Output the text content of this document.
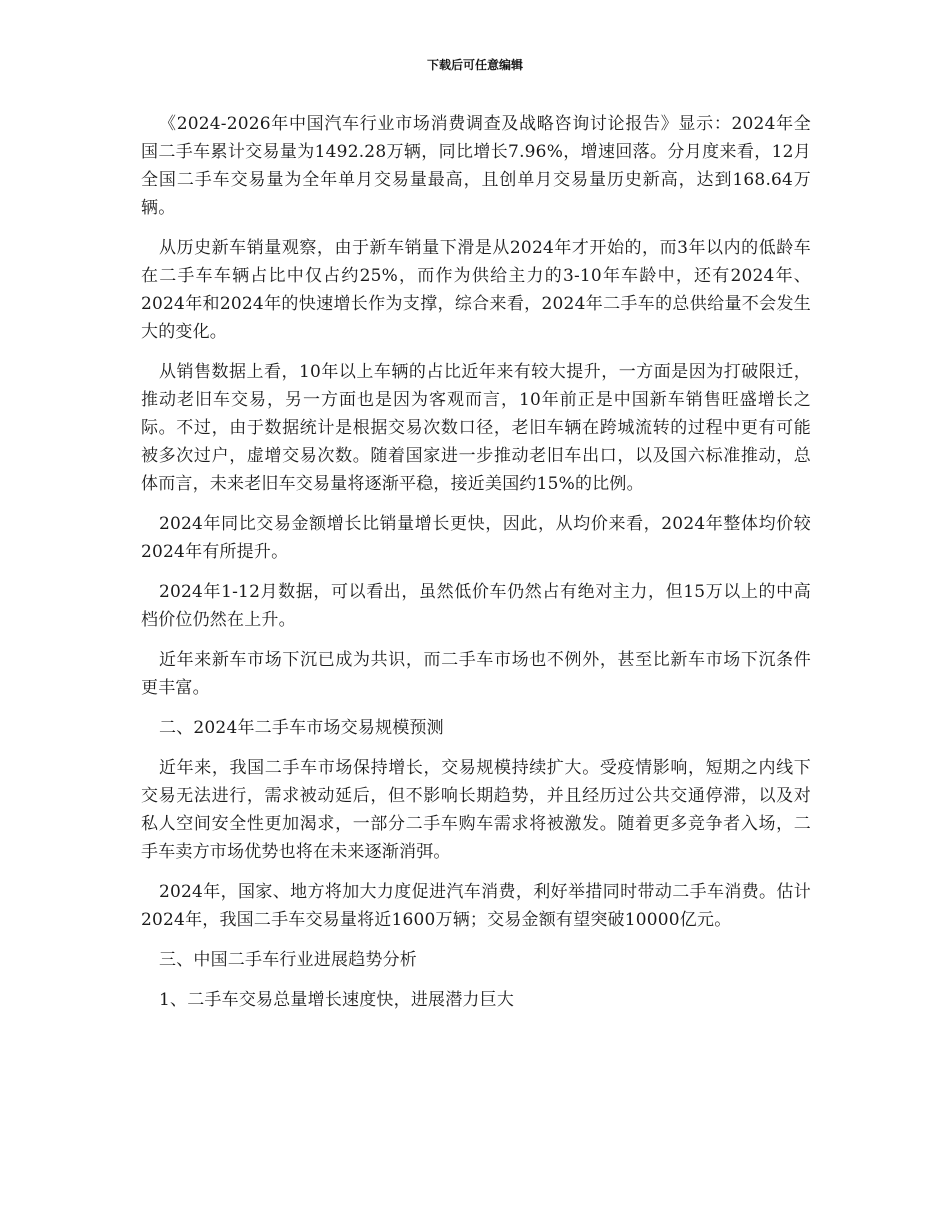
下载后可任意编辑

《2024-2026年中国汽车行业市场消费调查及战略咨询讨论报告》显示：2024年全国二手车累计交易量为1492.28万辆，同比增长7.96%，增速回落。分月度来看，12月全国二手车交易量为全年单月交易量最高，且创单月交易量历史新高，达到168.64万辆。

从历史新车销量观察，由于新车销量下滑是从2024年才开始的，而3年以内的低龄车在二手车车辆占比中仅占约25%，而作为供给主力的3-10年车龄中，还有2024年、2024年和2024年的快速增长作为支撑，综合来看，2024年二手车的总供给量不会发生大的变化。

从销售数据上看，10年以上车辆的占比近年来有较大提升，一方面是因为打破限迁，推动老旧车交易，另一方面也是因为客观而言，10年前正是中国新车销售旺盛增长之际。不过，由于数据统计是根据交易次数口径，老旧车辆在跨城流转的过程中更有可能被多次过户，虚增交易次数。随着国家进一步推动老旧车出口，以及国六标准推动，总体而言，未来老旧车交易量将逐渐平稳，接近美国约15%的比例。

2024年同比交易金额增长比销量增长更快，因此，从均价来看，2024年整体均价较2024年有所提升。

2024年1-12月数据，可以看出，虽然低价车仍然占有绝对主力，但15万以上的中高档价位仍然在上升。

近年来新车市场下沉已成为共识，而二手车市场也不例外，甚至比新车市场下沉条件更丰富。

二、2024年二手车市场交易规模预测

近年来，我国二手车市场保持增长，交易规模持续扩大。受疫情影响，短期之内线下交易无法进行，需求被动延后，但不影响长期趋势，并且经历过公共交通停滞，以及对私人空间安全性更加渴求，一部分二手车购车需求将被激发。随着更多竞争者入场，二手车卖方市场优势也将在未来逐渐消弭。

2024年，国家、地方将加大力度促进汽车消费，利好举措同时带动二手车消费。估计2024年，我国二手车交易量将近1600万辆；交易金额有望突破10000亿元。

三、中国二手车行业进展趋势分析

1、二手车交易总量增长速度快，进展潜力巨大
